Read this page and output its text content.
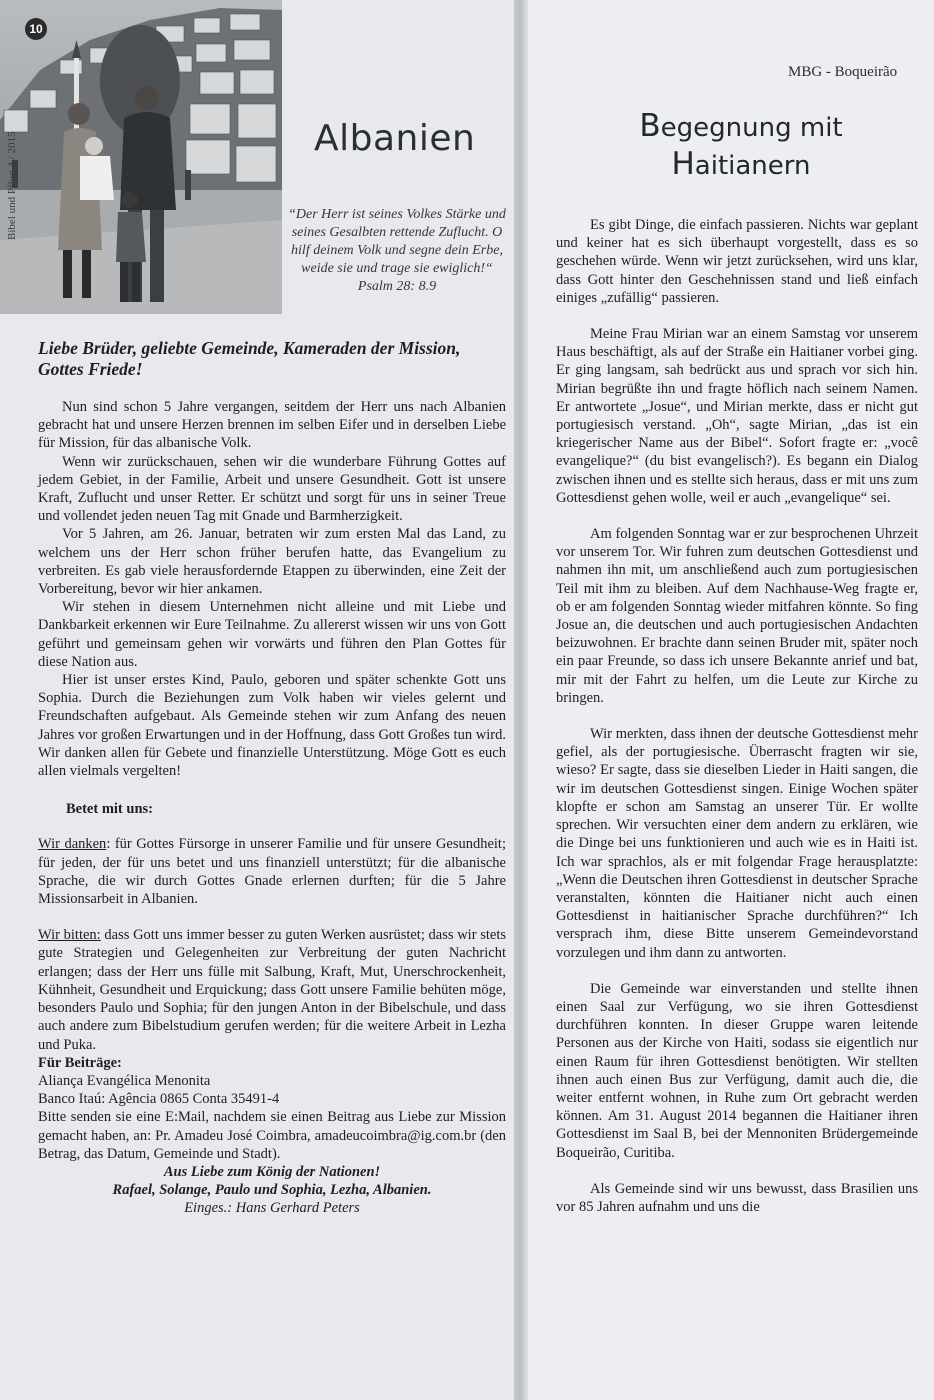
10
Bibel und Pflug 4 / 2015	Albanien
“Der Herr ist seines Volkes Stärke und seines Gesalbten rettende Zuflucht. O hilf deinem Volk und segne dein Erbe, weide sie und trage sie ewiglich!“ Psalm 28: 8.9
Liebe Brüder, geliebte Gemeinde, Kameraden der Mission, Gottes Friede!

Nun sind schon 5 Jahre vergangen, seitdem der Herr uns nach Albanien gebracht hat und unsere Herzen brennen im selben Eifer und in derselben Liebe für Mission, für das albanische Volk.

Wenn wir zurückschauen, sehen wir die wunderbare Führung Gottes auf jedem Gebiet, in der Familie, Arbeit und unsere Gesundheit. Gott ist unsere Kraft, Zuflucht und unser Retter. Er schützt und sorgt für uns in seiner Treue und vollendet jeden neuen Tag mit Gnade und Barmherzigkeit.

Vor 5 Jahren, am 26. Januar, betraten wir zum ersten Mal das Land, zu welchem uns der Herr schon früher berufen hatte, das Evangelium zu verbreiten. Es gab viele herausfordernde Etappen zu überwinden, eine Zeit der Vorbereitung, bevor wir hier ankamen.

Wir stehen in diesem Unternehmen nicht alleine und mit Liebe und Dankbarkeit erkennen wir Eure Teilnahme. Zu allererst wissen wir uns von Gott geführt und gemeinsam gehen wir vorwärts und führen den Plan Gottes für diese Nation aus.

Hier ist unser erstes Kind, Paulo, geboren und später schenkte Gott uns Sophia. Durch die Beziehungen zum Volk haben wir vieles gelernt und Freundschaften aufgebaut. Als Gemeinde stehen wir zum Anfang des neuen Jahres vor großen Erwartungen und in der Hoffnung, dass Gott Großes tun wird. Wir danken allen für Gebete und finanzielle Unterstützung. Möge Gott es euch allen vielmals vergelten!

Betet mit uns:

Wir danken: für Gottes Fürsorge in unserer Familie und für unsere Gesundheit; für jeden, der für uns betet und uns finanziell unterstützt; für die albanische Sprache, die wir durch Gottes Gnade erlernen durften; für die 5 Jahre Missionsarbeit in Albanien.

Wir bitten: dass Gott uns immer besser zu guten Werken ausrüstet; dass wir stets gute Strategien und Gelegenheiten zur Verbreitung der guten Nachricht erlangen; dass der Herr uns fülle mit Salbung, Kraft, Mut, Unerschrockenheit, Kühnheit, Gesundheit und Erquickung; dass Gott unsere Familie behüten möge, besonders Paulo und Sophia; für den jungen Anton in der Bibelschule, und dass auch andere zum Bibelstudium gerufen werden; für die weitere Arbeit in Lezha und Puka.

Für Beiträge:

Aliança Evangélica Menonita

Banco Itaú: Agência 0865 Conta 35491-4

Bitte senden sie eine E:Mail, nachdem sie einen Beitrag aus Liebe zur Mission gemacht haben, an: Pr. Amadeu José Coimbra, amadeucoimbra@ig.com.br (den Betrag, das Datum, Gemeinde und Stadt).

Aus Liebe zum König der Nationen!

Rafael, Solange, Paulo und Sophia, Lezha, Albanien.

Einges.: Hans Gerhard Peters

MBG - Boqueirão
Begegnung mit
Haitianern

Es gibt Dinge, die einfach passieren. Nichts war geplant und keiner hat es sich überhaupt vorgestellt, dass es so geschehen würde. Wenn wir jetzt zurücksehen, wird uns klar, dass Gott hinter den Geschehnissen stand und ließ einfach einiges „zufällig“ passieren.

Meine Frau Mirian war an einem Samstag vor unserem Haus beschäftigt, als auf der Straße ein Haitianer vorbei ging. Er ging langsam, sah bedrückt aus und sprach vor sich hin. Mirian begrüßte ihn und fragte höflich nach seinem Namen. Er antwortete „Josue“, und Mirian merkte, dass er nicht gut portugiesisch verstand. „Oh“, sagte Mirian, „das ist ein kriegerischer Name aus der Bibel“. Sofort fragte er: „você evangelique?“ (du bist evangelisch?). Es begann ein Dialog zwischen ihnen und es stellte sich heraus, dass er mit uns zum Gottesdienst gehen wolle, weil er auch „evangelique“ sei.

Am folgenden Sonntag war er zur besprochenen Uhrzeit vor unserem Tor. Wir fuhren zum deutschen Gottesdienst und nahmen ihn mit, um anschließend auch zum portugiesischen Teil mit ihm zu bleiben. Auf dem Nachhause-Weg fragte er, ob er am folgenden Sonntag wieder mitfahren könnte. So fing Josue an, die deutschen und auch portugiesischen Andachten beizuwohnen. Er brachte dann seinen Bruder mit, später noch ein paar Freunde, so dass ich unsere Bekannte anrief und bat, mir mit der Fahrt zu helfen, um die Leute zur Kirche zu bringen.

Wir merkten, dass ihnen der deutsche Gottesdienst mehr gefiel, als der portugiesische. Überrascht fragten wir sie, wieso? Er sagte, dass sie dieselben Lieder in Haiti sangen, die wir im deutschen Gottesdienst singen. Einige Wochen später klopfte er schon am Samstag an unserer Tür. Er wollte sprechen. Wir versuchten einer dem andern zu erklären, wie die Dinge bei uns funktionieren und auch wie es in Haiti ist. Ich war sprachlos, als er mit folgendar Frage herausplatzte: „Wenn die Deutschen ihren Gottesdienst in deutscher Sprache veranstalten, könnten die Haitianer nicht auch einen Gottesdienst in haitianischer Sprache durchführen?“ Ich versprach ihm, diese Bitte unserem Gemeindevorstand vorzulegen und ihm dann zu antworten.

Die Gemeinde war einverstanden und stellte ihnen einen Saal zur Verfügung, wo sie ihren Gottesdienst durchführen konnten. In dieser Gruppe waren leitende Personen aus der Kirche von Haiti, sodass sie eigentlich nur einen Raum für ihren Gottesdienst benötigten. Wir stellten ihnen auch einen Bus zur Verfügung, damit auch die, die weiter entfernt wohnen, in Ruhe zum Ort gebracht werden können. Am 31. August 2014 begannen die Haitianer ihren Gottesdienst im Saal B, bei der Mennoniten Brüdergemeinde Boqueirão, Curitiba.

Als Gemeinde sind wir uns bewusst, dass Brasilien uns vor 85 Jahren aufnahm und uns die
